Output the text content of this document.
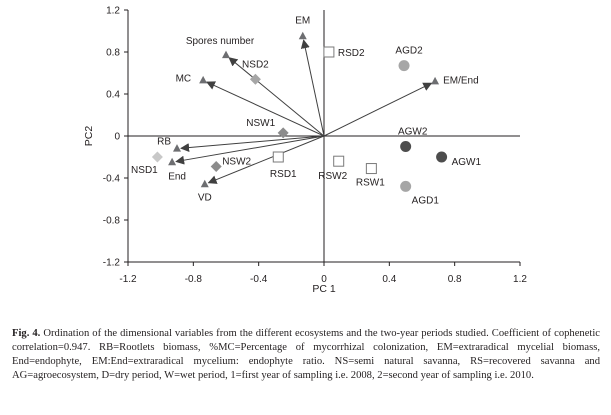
-1.2	-0.8	-0.4	0	0.4	0.8	1.2
1.2
0.8
0.4
0
-0.4
-0.8
-1.2
EM
Spores number
MC	EM/End
RB
End
VD
NSD2
NSW1
NSW2
NSD1
RSD2
RSD1 RSW2
RSW1
AGD2
AGD1
AGW2
AGW1
PC 1
PC2
Fig. 4. Ordination of the dimensional variables from the different ecosystems and the two-year periods studied. Coefficient of cophenetic correlation=0.947. RB=Rootlets biomass, %MC=Percentage of mycorrhizal colonization, EM=extraradical mycelial biomass, End=endophyte, EM:End=extraradical mycelium: endophyte ratio. NS=semi natural savanna, RS=recovered savanna and AG=agroecosystem, D=dry period, W=wet period, 1=first year of sampling i.e. 2008, 2=second year of sampling i.e. 2010.
